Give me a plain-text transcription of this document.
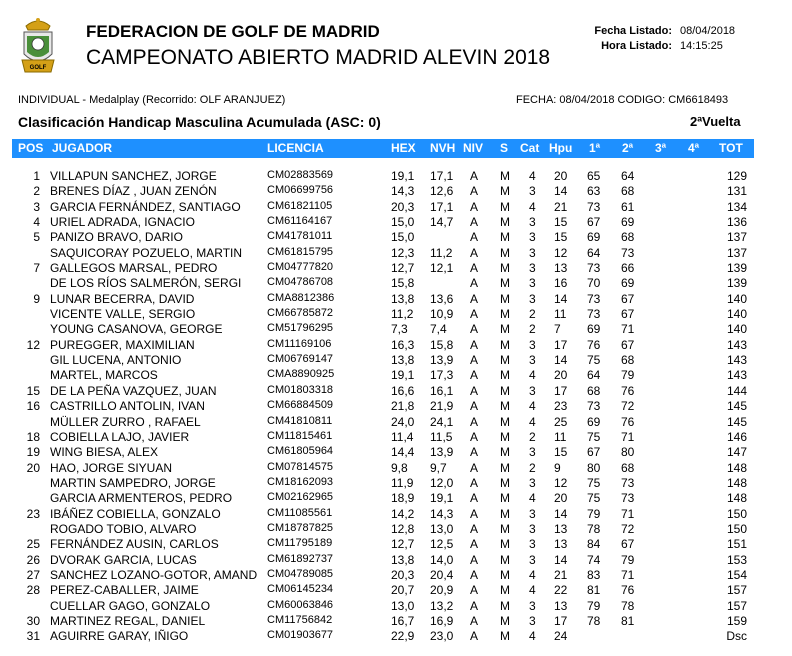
GOLF
FEDERACION DE GOLF DE MADRID
CAMPEONATO ABIERTO MADRID ALEVIN 2018
Fecha Listado:
Hora Listado:
08/04/2018
14:15:25
INDIVIDUAL - Medalplay (Recorrido: OLF ARANJUEZ)	FECHA: 08/04/2018 CODIGO: CM6618493
Clasificación Handicap Masculina Acumulada (ASC: 0)	2ªVuelta
POS JUGADOR	LICENCIA	HEX NVH NIV S Cat Hpu 1ª 2ª 3ª 4ª TOT
1 VILLAPUN SANCHEZ, JORGE	CM02883569	19,1 17,1 A M 4 20 65 64	129
2 BRENES DÍAZ , JUAN ZENÓN	CM06699756	14,3 12,6 A M 3 14 63 68	131
3 GARCIA FERNÁNDEZ, SANTIAGO CM61821105	20,3 17,1 A M 4 21 73 61	134
4 URIEL ADRADA, IGNACIO	CM61164167	15,0 14,7 A M 3 15 67 69	136
5 PANIZO BRAVO, DARIO	CM41781011	15,0	A M 3 15 69 68	137
SAQUICORAY POZUELO, MARTIN CM61815795	12,3 11,2 A M 3 12 64 73	137
7 GALLEGOS MARSAL, PEDRO	CM04777820	12,7 12,1 A M 3 13 73 66	139
DE LOS RÍOS SALMERÓN, SERGI CM04786708	15,8	A M 3 16 70 69	139
9 LUNAR BECERRA, DAVID	CMA8812386	13,8 13,6 A M 3 14 73 67	140
VICENTE VALLE, SERGIO	CM66785872	11,2 10,9 A M 2 11 73 67	140
YOUNG CASANOVA, GEORGE	CM51796295	7,3 7,4 A M 2 7 69 71	140
12 PUREGGER, MAXIMILIAN	CM11169106	16,3 15,8 A M 3 17 76 67	143
GIL LUCENA, ANTONIO	CM06769147	13,8 13,9 A M 3 14 75 68	143
MARTEL, MARCOS	CMA8890925	19,1 17,3 A M 4 20 64 79	143
15 DE LA PEÑA VAZQUEZ, JUAN	CM01803318	16,6 16,1 A M 3 17 68 76	144
16 CASTRILLO ANTOLIN, IVAN	CM66884509	21,8 21,9 A M 4 23 73 72	145
MÜLLER ZURRO , RAFAEL	CM41810811	24,0 24,1 A M 4 25 69 76	145
18 COBIELLA LAJO, JAVIER	CM11815461	11,4 11,5 A M 2 11 75 71	146
19 WING BIESA, ALEX	CM61805964	14,4 13,9 A M 3 15 67 80	147
20 HAO, JORGE SIYUAN	CM07814575	9,8 9,7 A M 2 9 80 68	148
MARTIN SAMPEDRO, JORGE	CM18162093	11,9 12,0 A M 3 12 75 73	148
GARCIA ARMENTEROS, PEDRO	CM02162965	18,9 19,1 A M 4 20 75 73	148
23 IBÁÑEZ COBIELLA, GONZALO	CM11085561	14,2 14,3 A M 3 14 79 71	150
ROGADO TOBIO, ALVARO	CM18787825	12,8 13,0 A M 3 13 78 72	150
25 FERNÁNDEZ AUSIN, CARLOS	CM11795189	12,7 12,5 A M 3 13 84 67	151
26 DVORAK GARCIA, LUCAS	CM61892737	13,8 14,0 A M 3 14 74 79	153
27 SANCHEZ LOZANO-GOTOR, AMAND CM04789085	20,3 20,4 A M 4 21 83 71	154
28 PEREZ-CABALLER, JAIME	CM06145234	20,7 20,9 A M 4 22 81 76	157
CUELLAR GAGO, GONZALO	CM60063846	13,0 13,2 A M 3 13 79 78	157
30 MARTINEZ REGAL, DANIEL	CM11756842	16,7 16,9 A M 3 17 78 81	159
31 AGUIRRE GARAY, IÑIGO	CM01903677	22,9 23,0 A M 4 24	Dsc
